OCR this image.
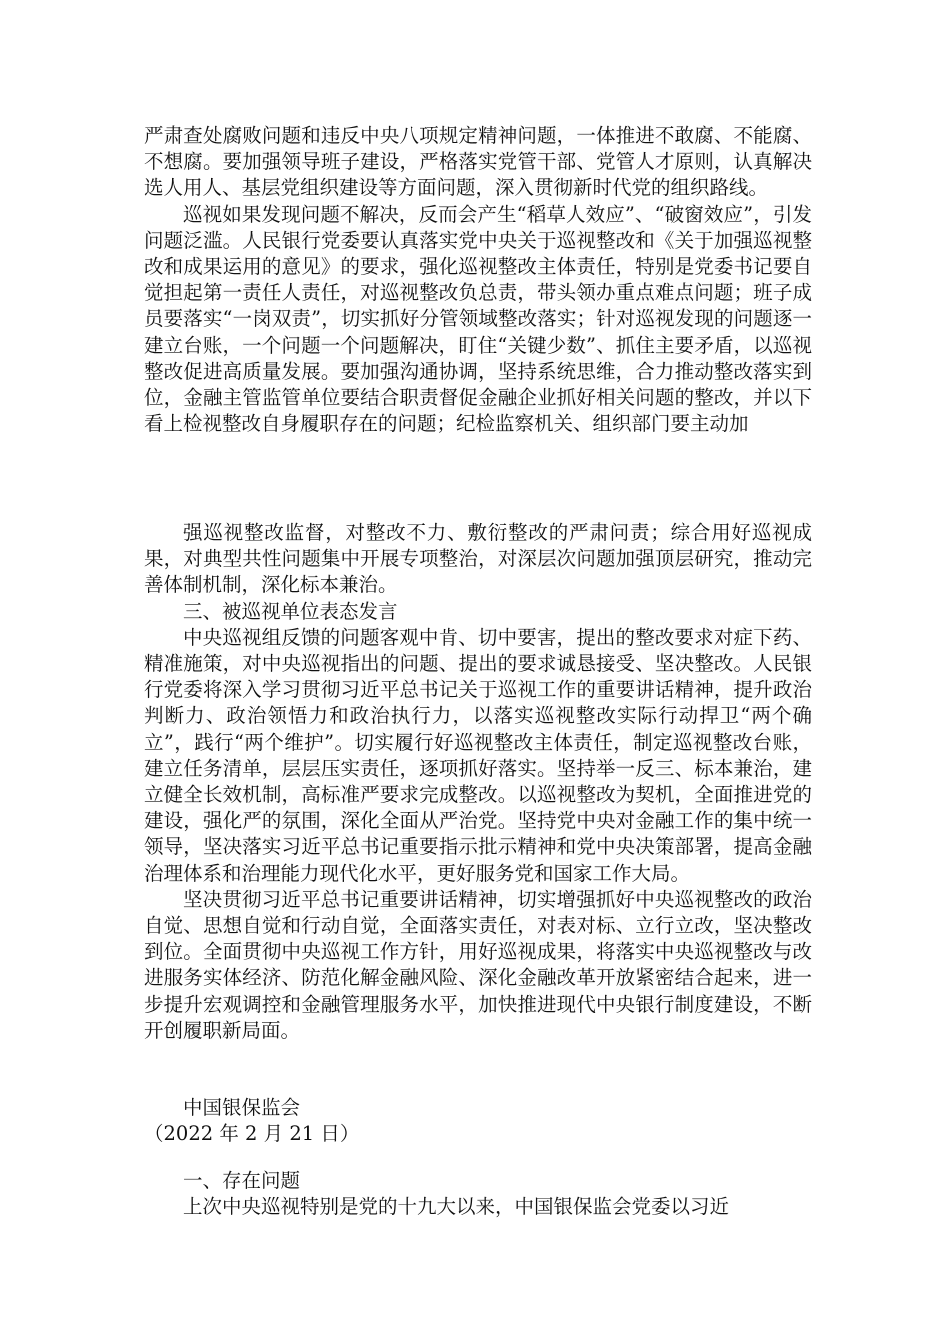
严肃查处腐败问题和违反中央八项规定精神问题，一体推进不敢腐、不能腐、不想腐。要加强领导班子建设，严格落实党管干部、党管人才原则，认真解决选人用人、基层党组织建设等方面问题，深入贯彻新时代党的组织路线。

巡视如果发现问题不解决，反而会产生“稻草人效应”、“破窗效应”，引发问题泛滥。人民银行党委要认真落实党中央关于巡视整改和《关于加强巡视整改和成果运用的意见》的要求，强化巡视整改主体责任，特别是党委书记要自觉担起第一责任人责任，对巡视整改负总责，带头领办重点难点问题；班子成员要落实“一岗双责”，切实抓好分管领域整改落实；针对巡视发现的问题逐一建立台账，一个问题一个问题解决，盯住“关键少数”、抓住主要矛盾，以巡视整改促进高质量发展。要加强沟通协调，坚持系统思维，合力推动整改落实到位，金融主管监管单位要结合职责督促金融企业抓好相关问题的整改，并以下看上检视整改自身履职存在的问题；纪检监察机关、组织部门要主动加

强巡视整改监督，对整改不力、敷衍整改的严肃问责；综合用好巡视成果，对典型共性问题集中开展专项整治，对深层次问题加强顶层研究，推动完善体制机制，深化标本兼治。

三、被巡视单位表态发言

中央巡视组反馈的问题客观中肯、切中要害，提出的整改要求对症下药、精准施策，对中央巡视指出的问题、提出的要求诚恳接受、坚决整改。人民银行党委将深入学习贯彻习近平总书记关于巡视工作的重要讲话精神，提升政治判断力、政治领悟力和政治执行力，以落实巡视整改实际行动捍卫“两个确立”，践行“两个维护”。切实履行好巡视整改主体责任，制定巡视整改台账，建立任务清单，层层压实责任，逐项抓好落实。坚持举一反三、标本兼治，建立健全长效机制，高标准严要求完成整改。以巡视整改为契机，全面推进党的建设，强化严的氛围，深化全面从严治党。坚持党中央对金融工作的集中统一领导，坚决落实习近平总书记重要指示批示精神和党中央决策部署，提高金融治理体系和治理能力现代化水平，更好服务党和国家工作大局。

坚决贯彻习近平总书记重要讲话精神，切实增强抓好中央巡视整改的政治自觉、思想自觉和行动自觉，全面落实责任，对表对标、立行立改，坚决整改到位。全面贯彻中央巡视工作方针，用好巡视成果，将落实中央巡视整改与改进服务实体经济、防范化解金融风险、深化金融改革开放紧密结合起来，进一步提升宏观调控和金融管理服务水平，加快推进现代中央银行制度建设，不断开创履职新局面。

中国银保监会

（2022 年 2 月 21 日）

一、存在问题

上次中央巡视特别是党的十九大以来，中国银保监会党委以习近
